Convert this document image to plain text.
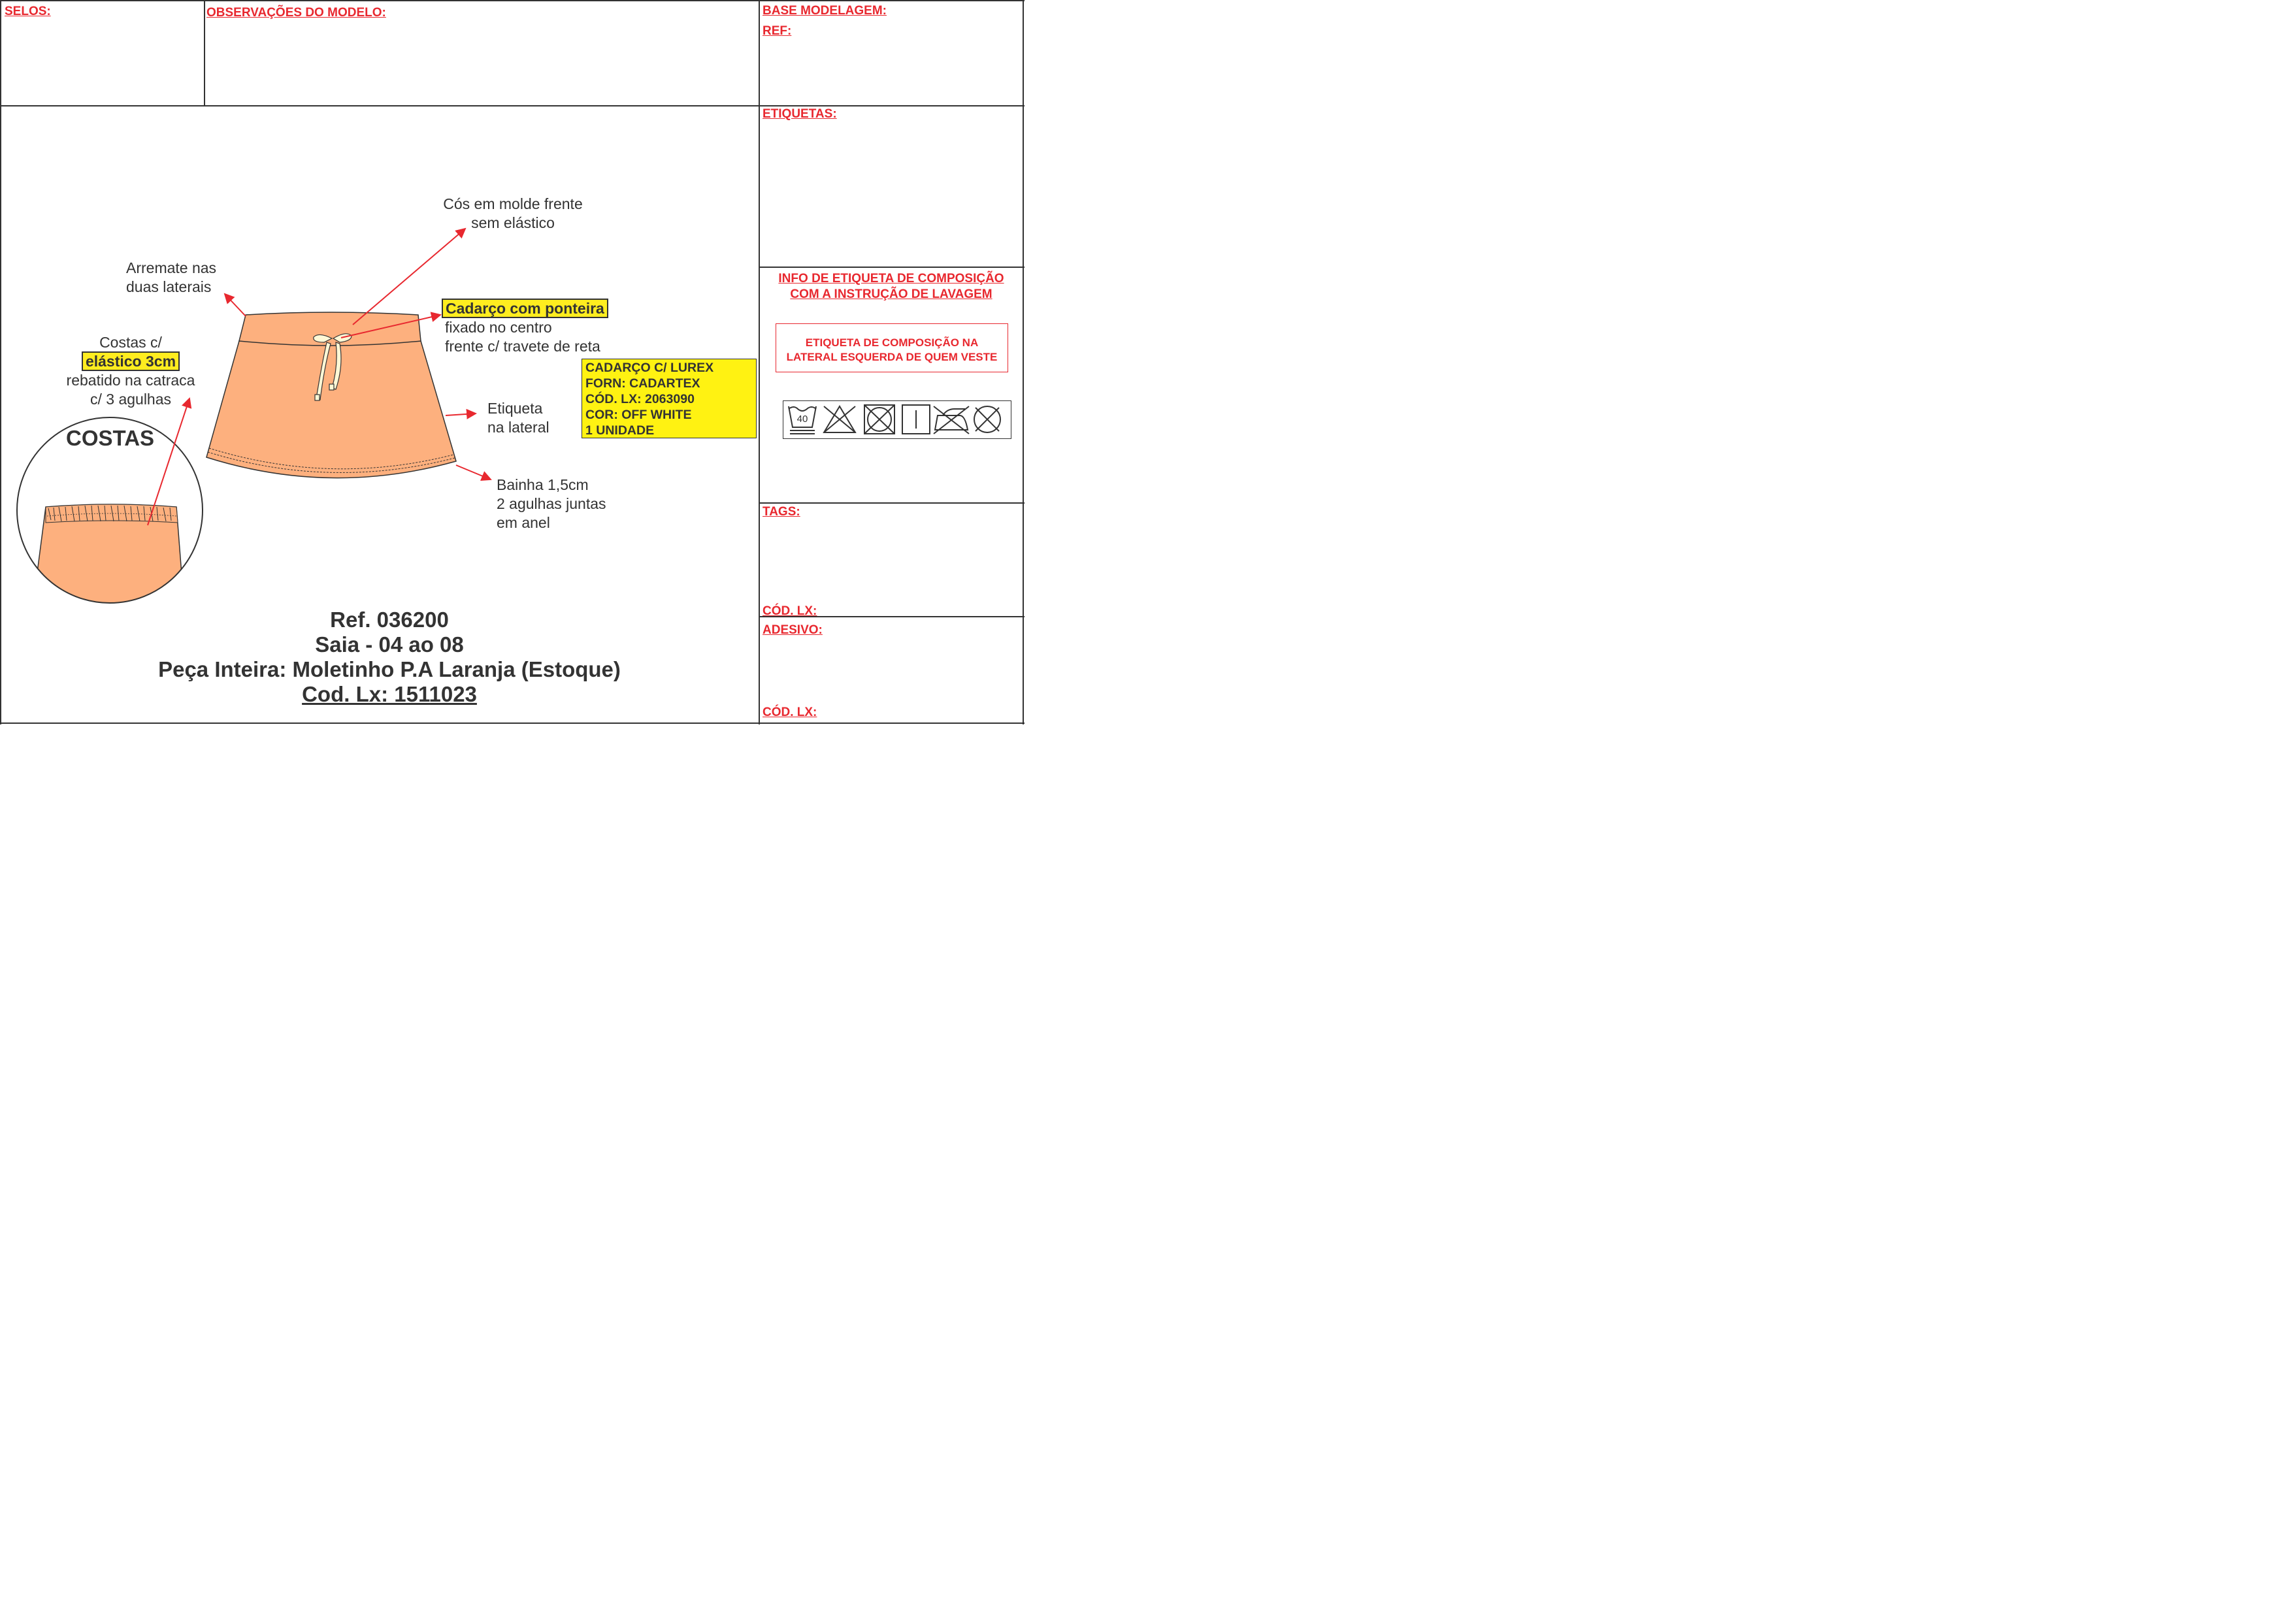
SELOS:	OBSERVAÇÕES DO MODELO:	BASE MODELAGEM:
REF:
ETIQUETAS:
INFO DE ETIQUETA DE COMPOSIÇÃO
COM A INSTRUÇÃO DE LAVAGEM
ETIQUETA DE COMPOSIÇÃO NA
LATERAL ESQUERDA DE QUEM VESTE
40
TAGS:
CÓD. LX:
ADESIVO:
CÓD. LX:
Cós em molde frente
sem elástico
Arremate nas
duas laterais
Cadarço com ponteira
fixado no centro
frente c/ travete de reta
Costas c/
elástico 3cm
rebatido na catraca
c/ 3 agulhas
Etiqueta
na lateral
Bainha 1,5cm
2 agulhas juntas
em anel
CADARÇO C/ LUREX
FORN: CADARTEX
CÓD. LX: 2063090
COR: OFF WHITE
1 UNIDADE
COSTAS
Ref. 036200
Saia - 04 ao 08
Peça Inteira: Moletinho P.A Laranja (Estoque)
Cod. Lx: 1511023
